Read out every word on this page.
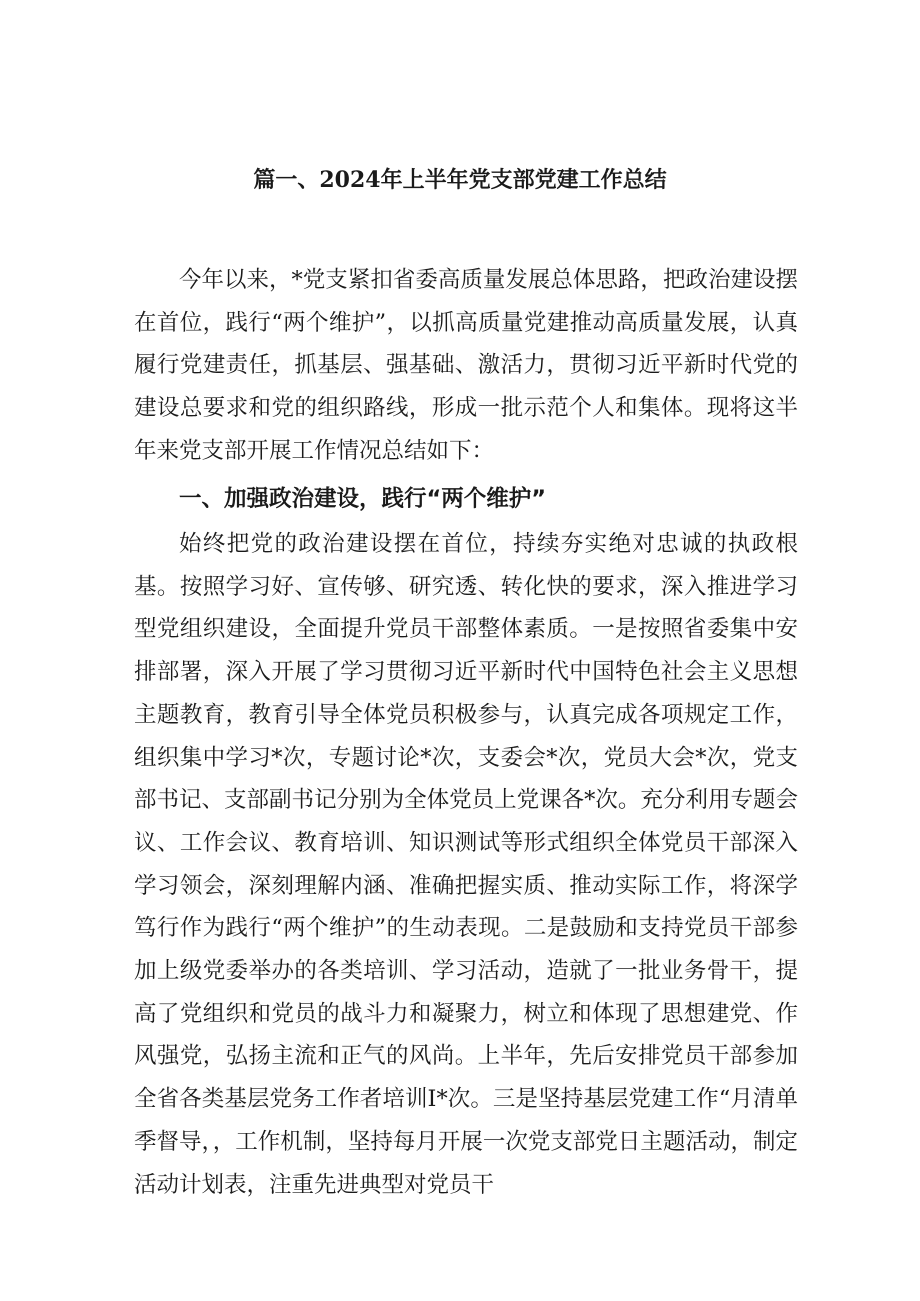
篇一、2024年上半年党支部党建工作总结

今年以来，*党支紧扣省委高质量发展总体思路，把政治建设摆在首位，践行“两个维护”，以抓高质量党建推动高质量发展，认真履行党建责任，抓基层、强基础、激活力，贯彻习近平新时代党的建设总要求和党的组织路线，形成一批示范个人和集体。现将这半年来党支部开展工作情况总结如下：

一、加强政治建设，践行“两个维护”

始终把党的政治建设摆在首位，持续夯实绝对忠诚的执政根基。按照学习好、宣传够、研究透、转化快的要求，深入推进学习型党组织建设，全面提升党员干部整体素质。一是按照省委集中安排部署，深入开展了学习贯彻习近平新时代中国特色社会主义思想主题教育，教育引导全体党员积极参与，认真完成各项规定工作，组织集中学习*次，专题讨论*次，支委会*次，党员大会*次，党支部书记、支部副书记分别为全体党员上党课各*次。充分利用专题会议、工作会议、教育培训、知识测试等形式组织全体党员干部深入学习领会，深刻理解内涵、准确把握实质、推动实际工作，将深学笃行作为践行“两个维护”的生动表现。二是鼓励和支持党员干部参加上级党委举办的各类培训、学习活动，造就了一批业务骨干，提高了党组织和党员的战斗力和凝聚力，树立和体现了思想建党、作风强党，弘扬主流和正气的风尚。上半年，先后安排党员干部参加全省各类基层党务工作者培训I*次。三是坚持基层党建工作“月清单季督导，，工作机制，坚持每月开展一次党支部党日主题活动，制定活动计划表，注重先进典型对党员干
